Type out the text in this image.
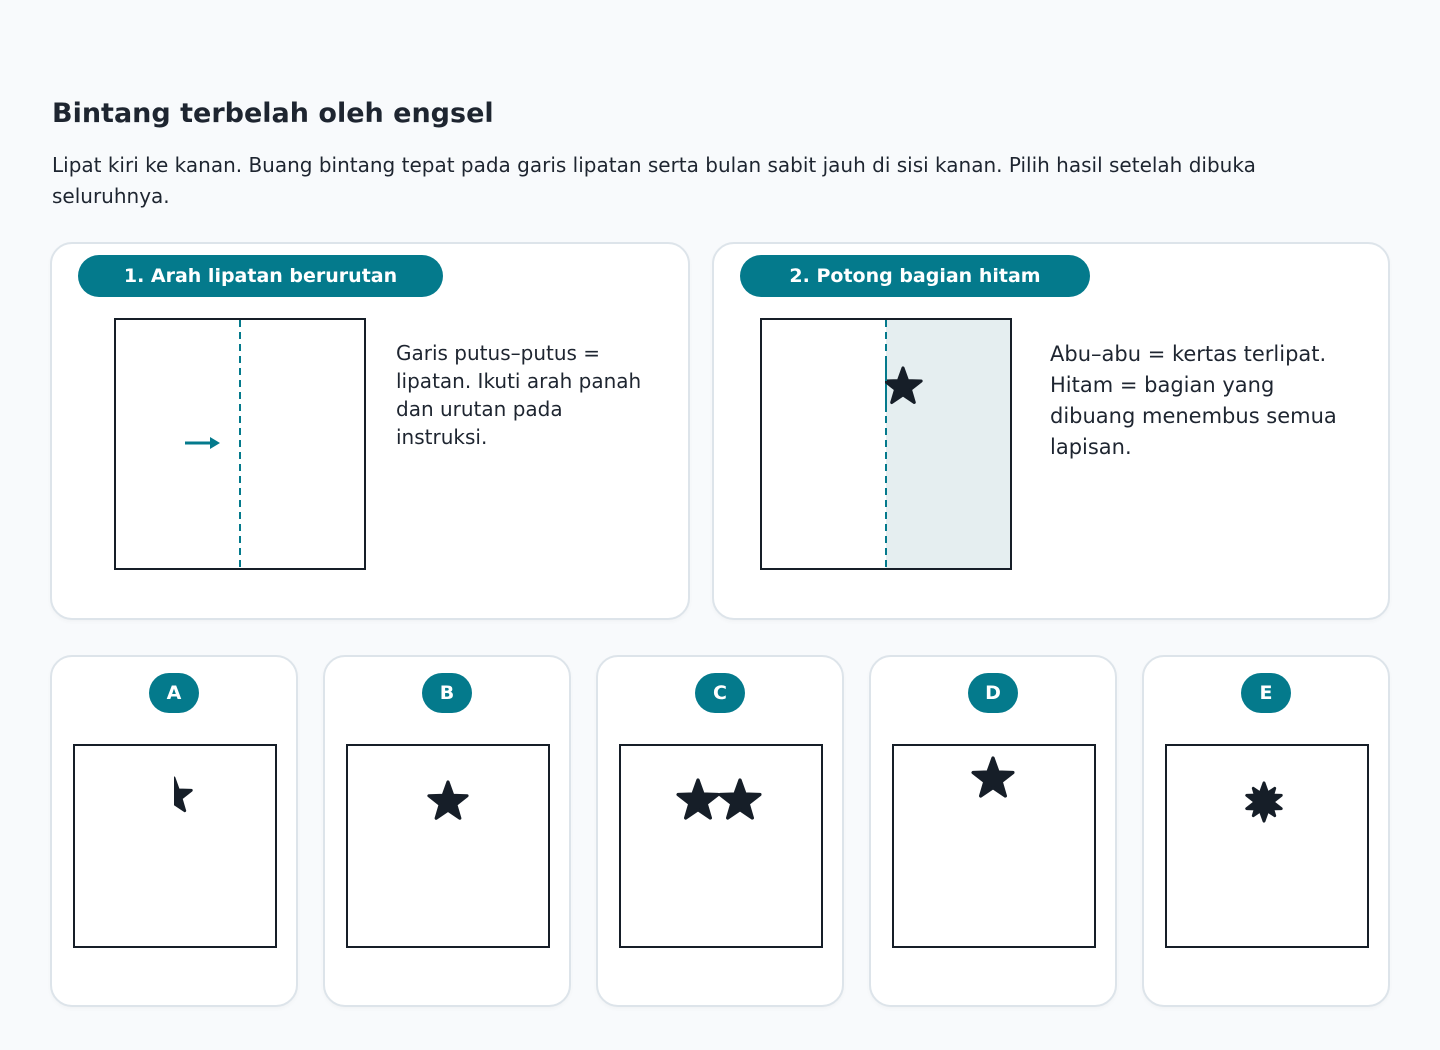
Bintang terbelah oleh engsel

Lipat kiri ke kanan. Buang bintang tepat pada garis lipatan serta bulan sabit jauh di sisi kanan. Pilih hasil setelah dibuka seluruhnya.

1. Arah lipatan berurutan
Garis putus–putus = lipatan. Ikuti arah panah dan urutan pada instruksi.
2. Potong bagian hitam
Abu–abu = kertas terlipat. Hitam = bagian yang dibuang menembus semua lapisan.
A	B	C	D	E
